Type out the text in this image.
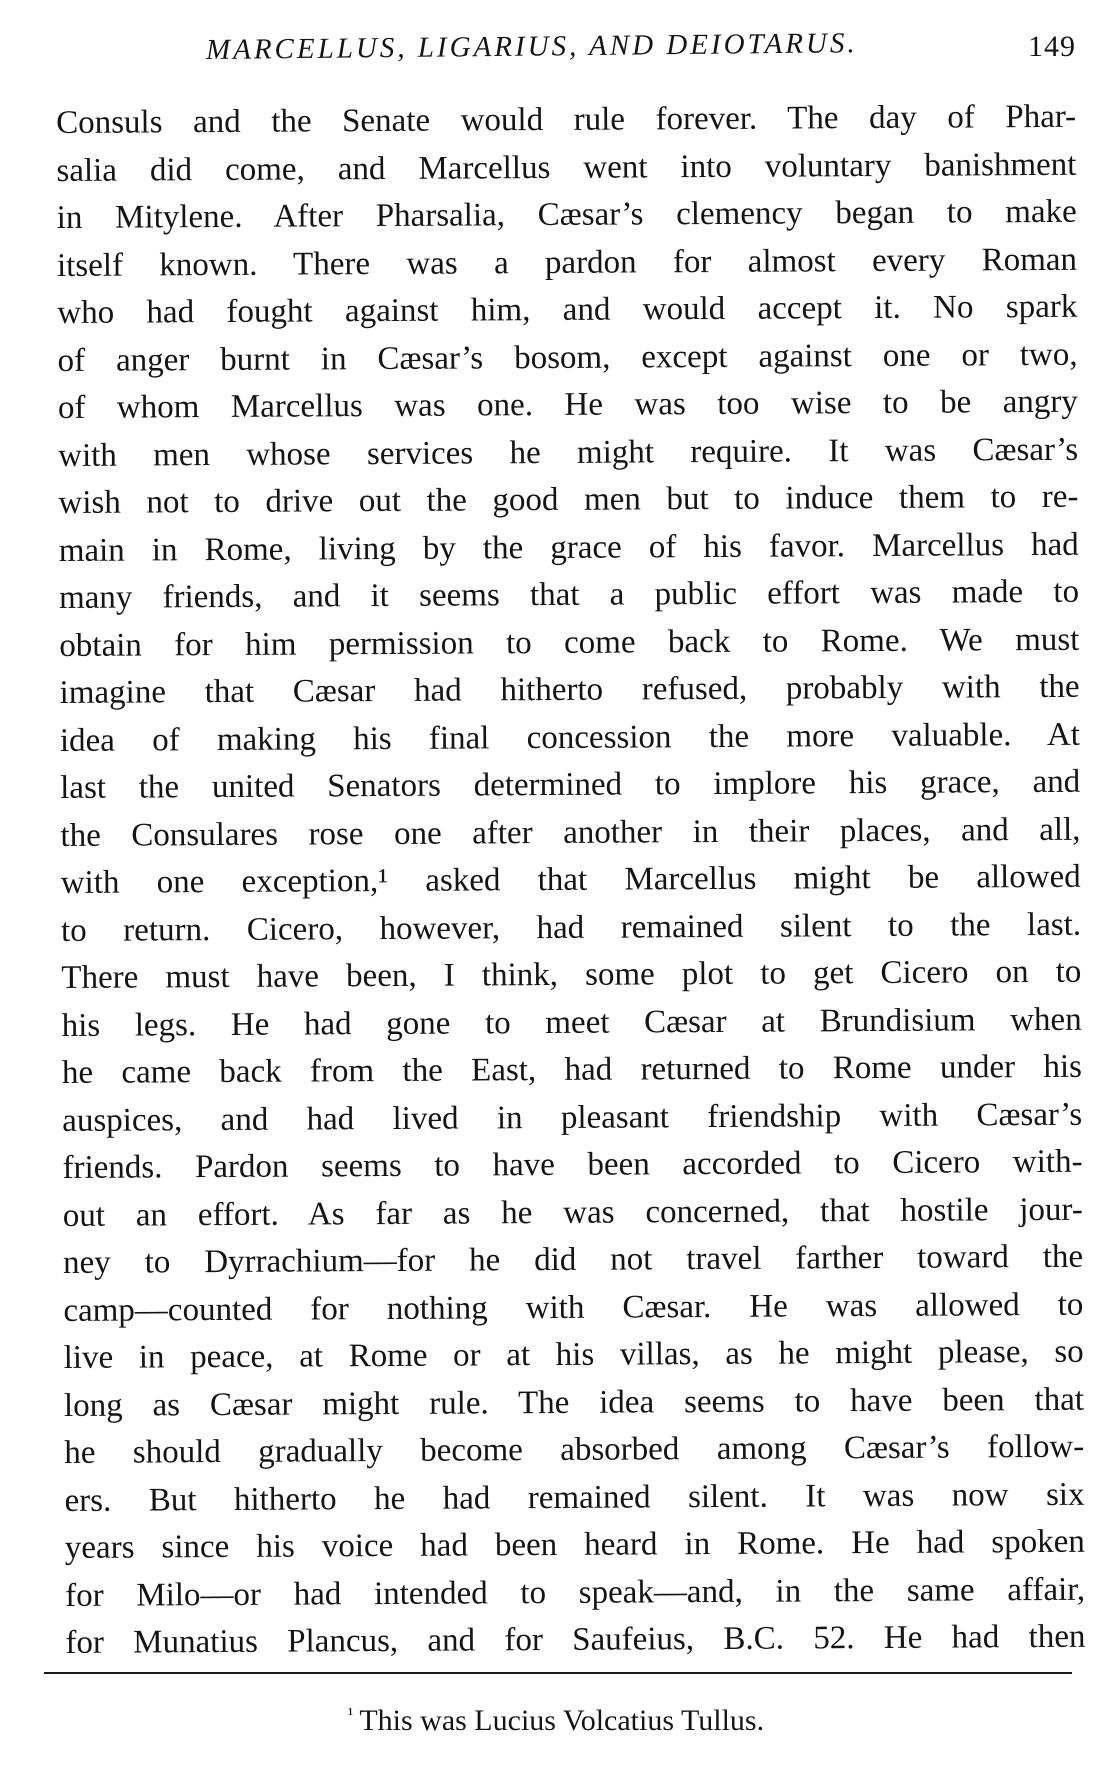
MARCELLUS, LIGARIUS, AND DEIOTARUS.	149
Consuls and the Senate would rule forever. The day of Phar-
salia did come, and Marcellus went into voluntary banishment
in Mitylene. After Pharsalia, Cæsar’s clemency began to make
itself known. There was a pardon for almost every Roman
who had fought against him, and would accept it. No spark
of anger burnt in Cæsar’s bosom, except against one or two,
of whom Marcellus was one. He was too wise to be angry
with men whose services he might require. It was Cæsar’s
wish not to drive out the good men but to induce them to re-
main in Rome, living by the grace of his favor. Marcellus had
many friends, and it seems that a public effort was made to
obtain for him permission to come back to Rome. We must
imagine that Cæsar had hitherto refused, probably with the
idea of making his final concession the more valuable. At
last the united Senators determined to implore his grace, and
the Consulares rose one after another in their places, and all,
with one exception,¹ asked that Marcellus might be allowed
to return. Cicero, however, had remained silent to the last.
There must have been, I think, some plot to get Cicero on to
his legs. He had gone to meet Cæsar at Brundisium when
he came back from the East, had returned to Rome under his
auspices, and had lived in pleasant friendship with Cæsar’s
friends. Pardon seems to have been accorded to Cicero with-
out an effort. As far as he was concerned, that hostile jour-
ney to Dyrrachium—for he did not travel farther toward the
camp—counted for nothing with Cæsar. He was allowed to
live in peace, at Rome or at his villas, as he might please, so
long as Cæsar might rule. The idea seems to have been that
he should gradually become absorbed among Cæsar’s follow-
ers. But hitherto he had remained silent. It was now six
years since his voice had been heard in Rome. He had spoken
for Milo—or had intended to speak—and, in the same affair,
for Munatius Plancus, and for Saufeius, B.C. 52. He had then
$^{^1}$ This was Lucius Volcatius Tullus.
